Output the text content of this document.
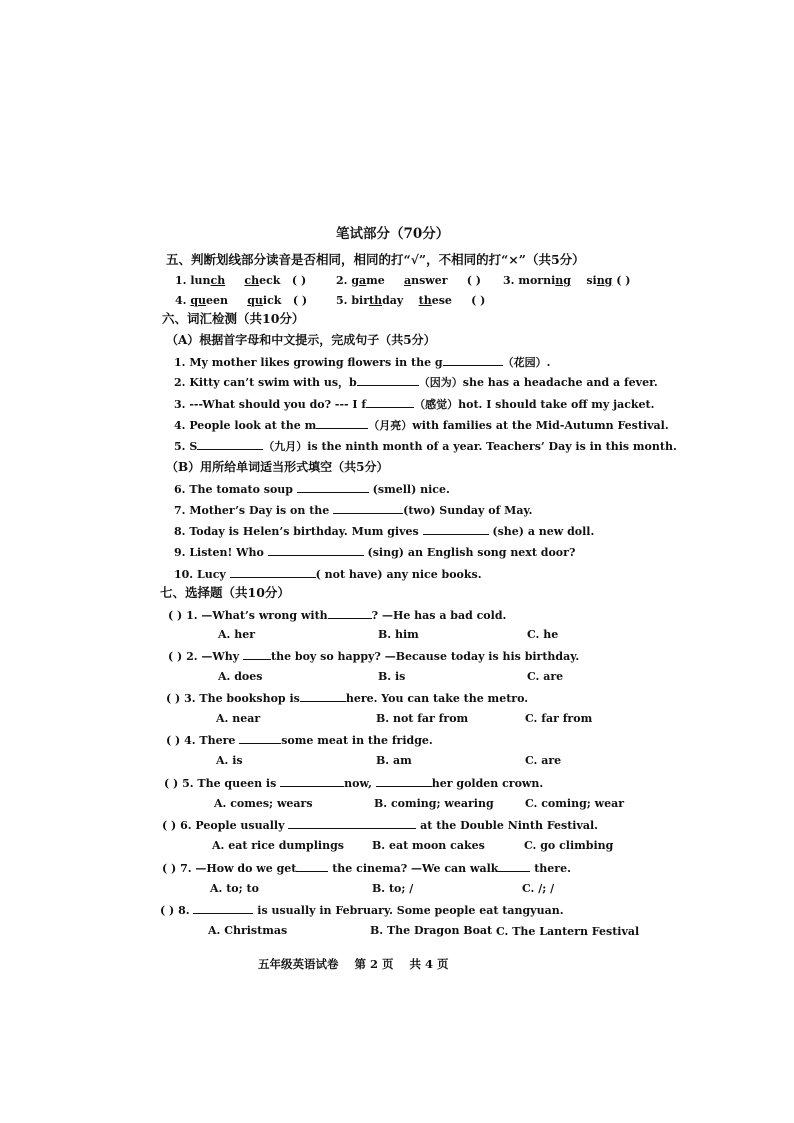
笔试部分（70分）
五、判断划线部分读音是否相同，相同的打“√”，不相同的打“×”（共5分）
1. lunch check ( )	2. game answer ( ) 3. morning sing ( )
4. queen quick ( )	5. birthday these ( )
六、词汇检测（共10分）
（A）根据首字母和中文提示，完成句子（共5分）
1. My mother likes growing flowers in the g	（花园）.
2. Kitty can’t swim with us，b	（因为）she has a headache and a fever.
3. ---What should you do? --- I f	（感觉）hot. I should take off my jacket.
4. People look at the m	（月亮）with families at the Mid-Autumn Festival.
5. S	（九月）is the ninth month of a year. Teachers’ Day is in this month.
（B）用所给单词适当形式填空（共5分）
6. The tomato soup	(smell) nice.
7. Mother’s Day is on the	(two) Sunday of May.
8. Today is Helen’s birthday. Mum gives	(she) a new doll.
9. Listen! Who	(sing) an English song next door?
10. Lucy	( not have) any nice books.
七、选择题（共10分）
( ) 1. —What’s wrong with	? —He has a bad cold.
A. her	B. him	C. he
( ) 2. —Why	the boy so happy? —Because today is his birthday.
A. does	B. is	C. are
( ) 3. The bookshop is	here. You can take the metro.
A. near	B. not far from	C. far from
( ) 4. There	some meat in the fridge.
A. is	B. am	C. are
( ) 5. The queen is	now,	her golden crown.
A. comes; wears	B. coming; wearing	C. coming; wear
( ) 6. People usually	at the Double Ninth Festival.
A. eat rice dumplings	B. eat moon cakes	C. go climbing
( ) 7. —How do we get	the cinema? —We can walk	there.
A. to; to	B. to; /	C. /; /
( ) 8.	is usually in February. Some people eat tangyuan.
A. Christmas	B. The Dragon Boat C. The Lantern Festival
五年级英语试卷    第 2 页    共 4 页
